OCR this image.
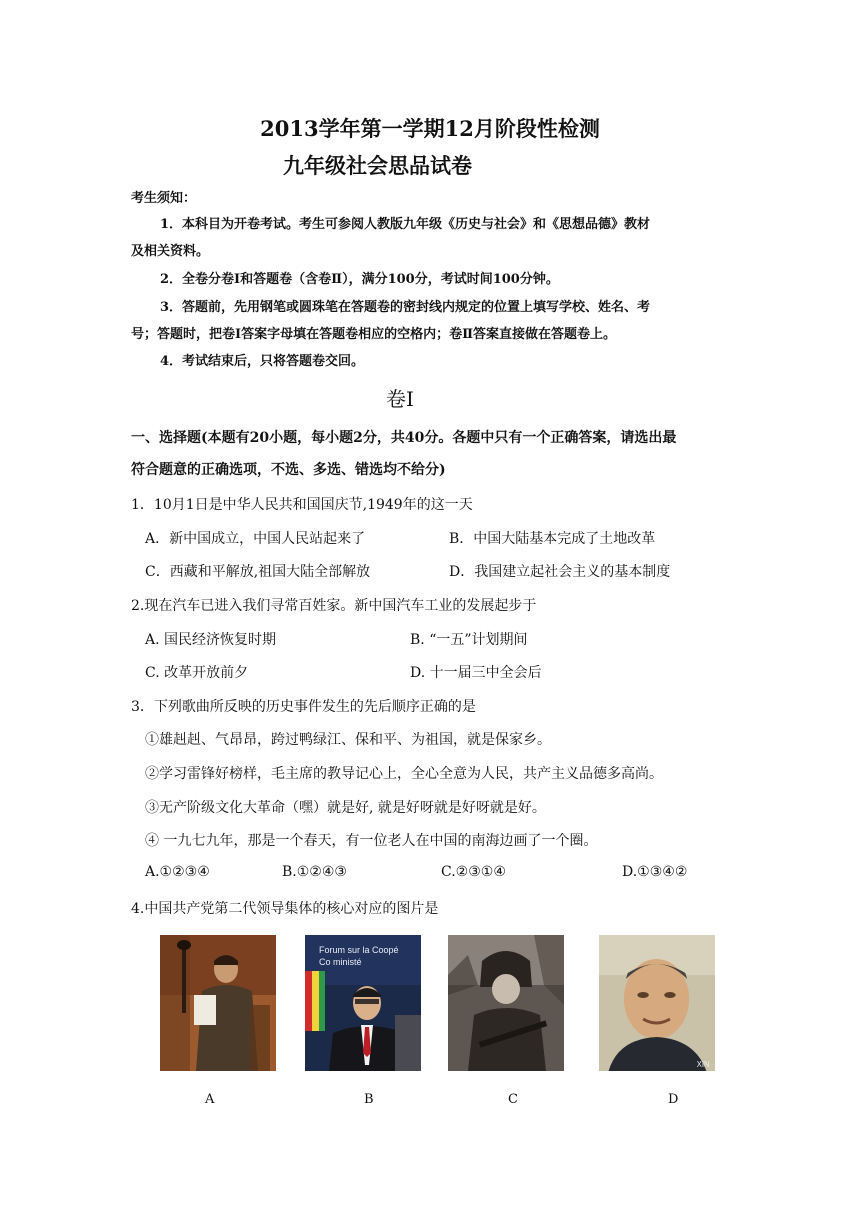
2013学年第一学期12月阶段性检测
九年级社会思品试卷
考生须知：
1．本科目为开卷考试。考生可参阅人教版九年级《历史与社会》和《思想品德》教材
及相关资料。
2．全卷分卷Ⅰ和答题卷（含卷Ⅱ），满分100分，考试时间100分钟。
3．答题前，先用钢笔或圆珠笔在答题卷的密封线内规定的位置上填写学校、姓名、考
号；答题时，把卷Ⅰ答案字母填在答题卷相应的空格内；卷Ⅱ答案直接做在答题卷上。
4．考试结束后，只将答题卷交回。
卷Ⅰ
一、选择题(本题有20小题，每小题2分，共40分。各题中只有一个正确答案，请选出最
符合题意的正确选项，不选、多选、错选均不给分)
1．10月1日是中华人民共和国国庆节,1949年的这一天
A．新中国成立，中国人民站起来了	B．中国大陆基本完成了土地改革
C．西藏和平解放,祖国大陆全部解放	D．我国建立起社会主义的基本制度
2.现在汽车已进入我们寻常百姓家。新中国汽车工业的发展起步于
A. 国民经济恢复时期	B. “一五”计划期间
C. 改革开放前夕	D. 十一届三中全会后
3．下列歌曲所反映的历史事件发生的先后顺序正确的是
①雄赳赳、气昂昂，跨过鸭绿江、保和平、为祖国，就是保家乡。
②学习雷锋好榜样，毛主席的教导记心上，全心全意为人民，共产主义品德多高尚。
③无产阶级文化大革命（嘿）就是好, 就是好呀就是好呀就是好。
④ 一九七九年，那是一个春天，有一位老人在中国的南海边画了一个圈。
A.①②③④	B.①②④③	C.②③①④	D.①③④②
4.中国共产党第二代领导集体的核心对应的图片是
Forum sur la Coopé
Co ministé
XIN
A	B	C	D
